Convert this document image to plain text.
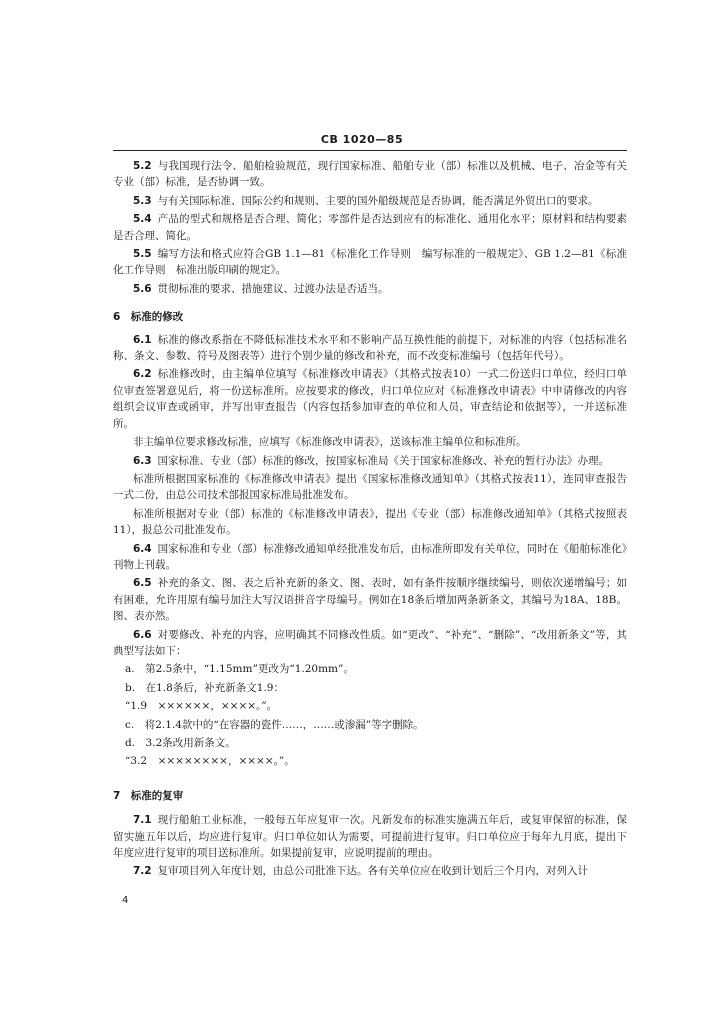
CB 1020—85

5.2 与我国现行法令、船舶检验规范，现行国家标准、船舶专业（部）标准以及机械、电子、冶金等有关专业（部）标准，是否协调一致。

5.3 与有关国际标准、国际公约和规则、主要的国外船级规范是否协调，能否满足外贸出口的要求。

5.4 产品的型式和规格是否合理、简化；零部件是否达到应有的标准化、通用化水平；原材料和结构要素是否合理、简化。

5.5 编写方法和格式应符合GB 1.1—81《标准化工作导则　编写标准的一般规定》、GB 1.2—81《标准化工作导则　标准出版印刷的规定》。

5.6 贯彻标准的要求、措施建议、过渡办法是否适当。

6　标准的修改

6.1 标准的修改系指在不降低标准技术水平和不影响产品互换性能的前提下，对标准的内容（包括标准名称、条文、参数、符号及图表等）进行个别少量的修改和补充，而不改变标准编号（包括年代号）。

6.2 标准修改时，由主编单位填写《标准修改申请表》（其格式按表10）一式二份送归口单位，经归口单位审查签署意见后，将一份送标准所。应按要求的修改，归口单位应对《标准修改申请表》中申请修改的内容组织会议审查或函审，并写出审查报告（内容包括参加审查的单位和人员，审查结论和依据等），一并送标准所。

非主编单位要求修改标准，应填写《标准修改申请表》，送该标准主编单位和标准所。

6.3 国家标准、专业（部）标准的修改，按国家标准局《关于国家标准修改、补充的暂行办法》办理。

标准所根据国家标准的《标准修改申请表》提出《国家标准修改通知单》（其格式按表11），连同审查报告一式二份，由总公司技术部报国家标准局批准发布。

标准所根据对专业（部）标准的《标准修改申请表》，提出《专业（部）标准修改通知单》（其格式按照表11），报总公司批准发布。

6.4 国家标准和专业（部）标准修改通知单经批准发布后，由标准所即发有关单位，同时在《船舶标准化》刊物上刊载。

6.5 补充的条文、图、表之后补充新的条文、图、表时，如有条件按顺序继续编号，则依次递增编号；如有困难，允许用原有编号加注大写汉语拼音字母编号。例如在18条后增加两条新条文，其编号为18A、18B。图、表亦然。

6.6 对要修改、补充的内容，应明确其不同修改性质。如“更改”、“补充”、“删除”、“改用新条文”等，其典型写法如下：

a.　第2.5条中，“1.15mm”更改为“1.20mm”。

b.　在1.8条后，补充新条文1.9：

“1.9　××××××，××××。”。

c.　将2.1.4款中的“在容器的瓷件……，……或渗漏”等字删除。

d.　3.2条改用新条文。

“3.2　××××××××，××××。”。

7　标准的复审

7.1 现行船舶工业标准，一般每五年应复审一次。凡新发布的标准实施满五年后，或复审保留的标准，保留实施五年以后，均应进行复审。归口单位如认为需要，可提前进行复审。归口单位应于每年九月底，提出下年度应进行复审的项目送标准所。如果提前复审，应说明提前的理由。

7.2 复审项目列入年度计划，由总公司批准下达。各有关单位应在收到计划后三个月内，对列入计

4
